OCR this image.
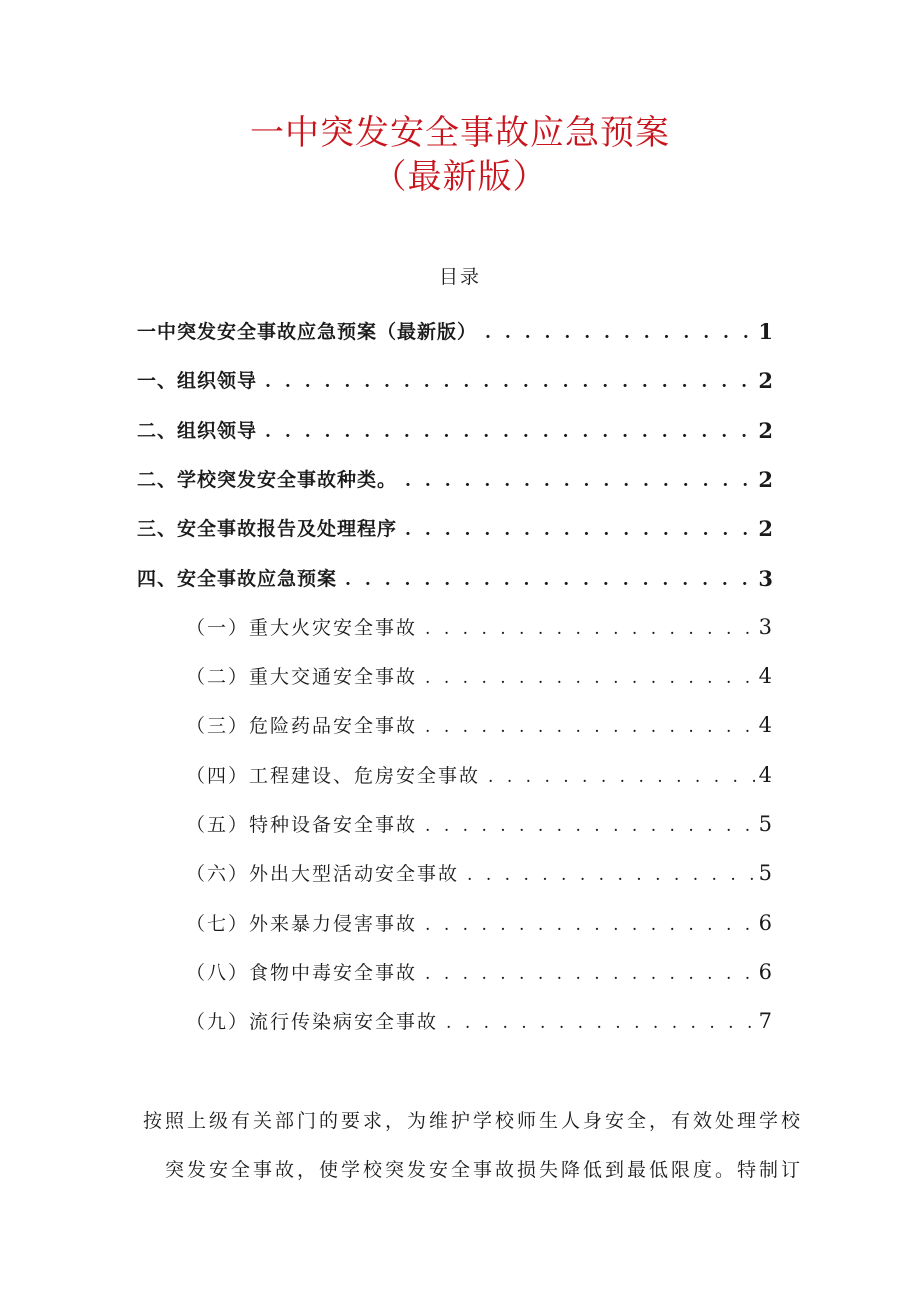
一中突发安全事故应急预案
（最新版）
目录
一中突发安全事故应急预案（最新版） . . .	1
一、组织领导 . . .	2
二、组织领导 . . .	2
二、学校突发安全事故种类。 . . .	2
三、安全事故报告及处理程序 . . .	2
四、安全事故应急预案 . . .	3
（一）重大火灾安全事故 . . .	3
（二）重大交通安全事故 . . .	4
（三）危险药品安全事故 . . .	4
（四）工程建设、危房安全事故 . . .	4
（五）特种设备安全事故 . . .	5
（六）外出大型活动安全事故 . . .	5
（七）外来暴力侵害事故 . . .	6
（八）食物中毒安全事故 . . .	6
（九）流行传染病安全事故 . . .	7
按照上级有关部门的要求，为维护学校师生人身安全，有效处理学校
突发安全事故，使学校突发安全事故损失降低到最低限度。特制订
